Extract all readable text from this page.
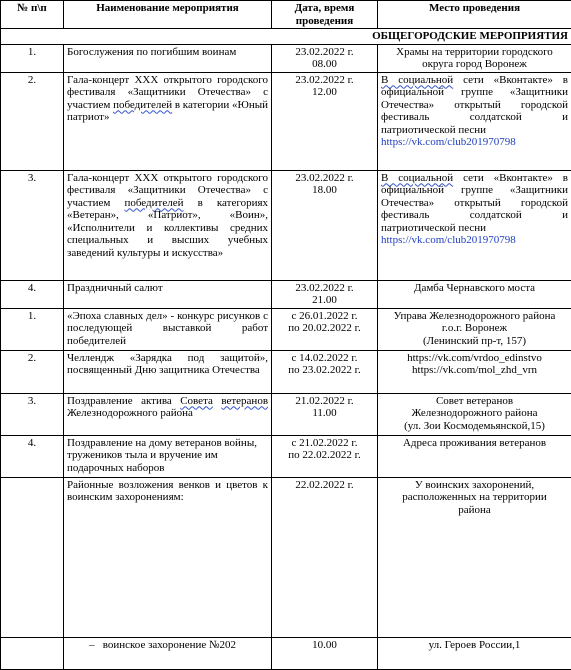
№ п\п	Наименование мероприятия	Дата, время проведения	Место проведения
ОБЩЕГОРОДСКИЕ МЕРОПРИЯТИЯ			
1.	Богослужения по погибшим воинам	23.02.2022 г.
08.00	Храмы на территории городского
округа город Воронеж

2.	Гала-концерт XXX открытого городского фестиваля «Защитники Отечества» с участием победителей в категории «Юный патриот»	23.02.2022 г.
12.00	В социальной сети «Вконтакте» в официальной группе «Защитники Отечества» открытый городской фестиваль солдатской и патриотической песни
https://vk.com/club201970798

3.	Гала-концерт XXX открытого городского фестиваля «Защитники Отечества» с участием победителей в категориях «Ветеран», «Патриот», «Воин», «Исполнители и коллективы средних специальных и высших учебных заведений культуры и искусства»	23.02.2022 г.
18.00	В социальной сети «Вконтакте» в официальной группе «Защитники Отечества» открытый городской фестиваль солдатской и патриотической песни
https://vk.com/club201970798

4.	Праздничный салют	23.02.2022 г.
21.00	Дамба Чернавского моста
1.	«Эпоха славных дел» - конкурс рисунков с последующей выставкой работ победителей	с 26.01.2022 г.
по 20.02.2022 г.	Управа Железнодорожного района
г.о.г. Воронеж
(Ленинский пр-т, 157)

2.	Челлендж «Зарядка под защитой», посвященный Дню защитника Отечества	с 14.02.2022 г.
по 23.02.2022 г.	https://vk.com/vrdoo_edinstvo
https://vk.com/mol_zhd_vrn

3.	Поздравление актива Совета ветеранов Железнодорожного района	21.02.2022 г.
11.00	Совет ветеранов
Железнодорожного района
(ул. Зои Космодемьянской,15)

4.	Поздравление на дому ветеранов войны, тружеников тыла и вручение им подарочных наборов	с 21.02.2022 г.
по 22.02.2022 г.	Адреса проживания ветеранов
	Районные возложения венков и цветов к воинским захоронениям:	22.02.2022 г.	У воинских захоронений,
расположенных на территории
района

	– воинское захоронение №202	10.00	ул. Героев России,1
